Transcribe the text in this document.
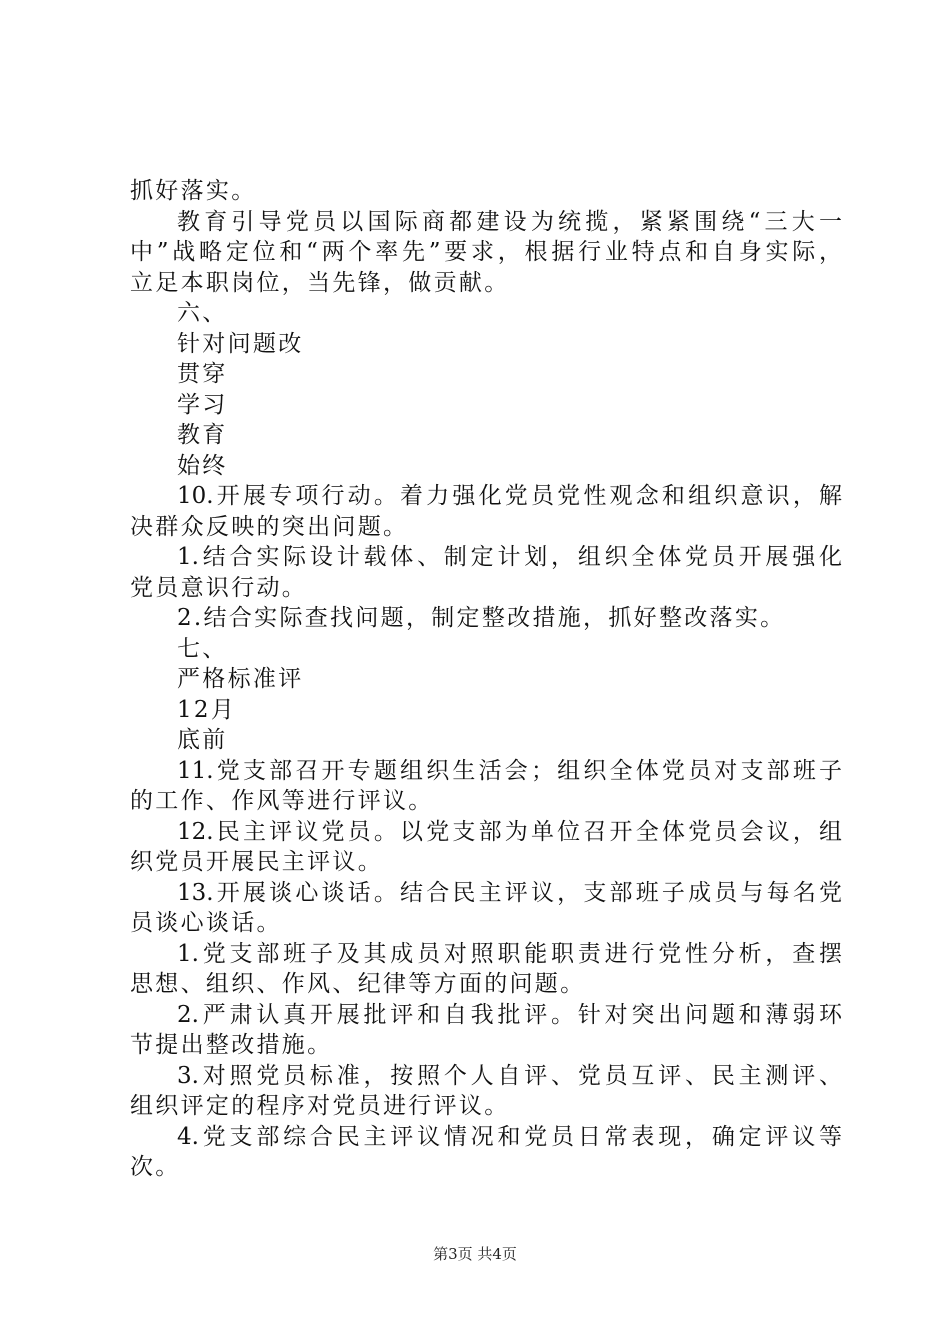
抓好落实。
教育引导党员以国际商都建设为统揽，紧紧围绕“三大一
中”战略定位和“两个率先”要求，根据行业特点和自身实际，
立足本职岗位，当先锋，做贡献。
六、
针对问题改
贯穿
学习
教育
始终
10.开展专项行动。着力强化党员党性观念和组织意识，解
决群众反映的突出问题。
1.结合实际设计载体、制定计划，组织全体党员开展强化
党员意识行动。
2.结合实际查找问题，制定整改措施，抓好整改落实。
七、
严格标准评
12月
底前
11.党支部召开专题组织生活会；组织全体党员对支部班子
的工作、作风等进行评议。
12.民主评议党员。以党支部为单位召开全体党员会议，组
织党员开展民主评议。
13.开展谈心谈话。结合民主评议，支部班子成员与每名党
员谈心谈话。
1.党支部班子及其成员对照职能职责进行党性分析，查摆
思想、组织、作风、纪律等方面的问题。
2.严肃认真开展批评和自我批评。针对突出问题和薄弱环
节提出整改措施。
3.对照党员标准，按照个人自评、党员互评、民主测评、
组织评定的程序对党员进行评议。
4.党支部综合民主评议情况和党员日常表现，确定评议等
次。
第3页 共4页
